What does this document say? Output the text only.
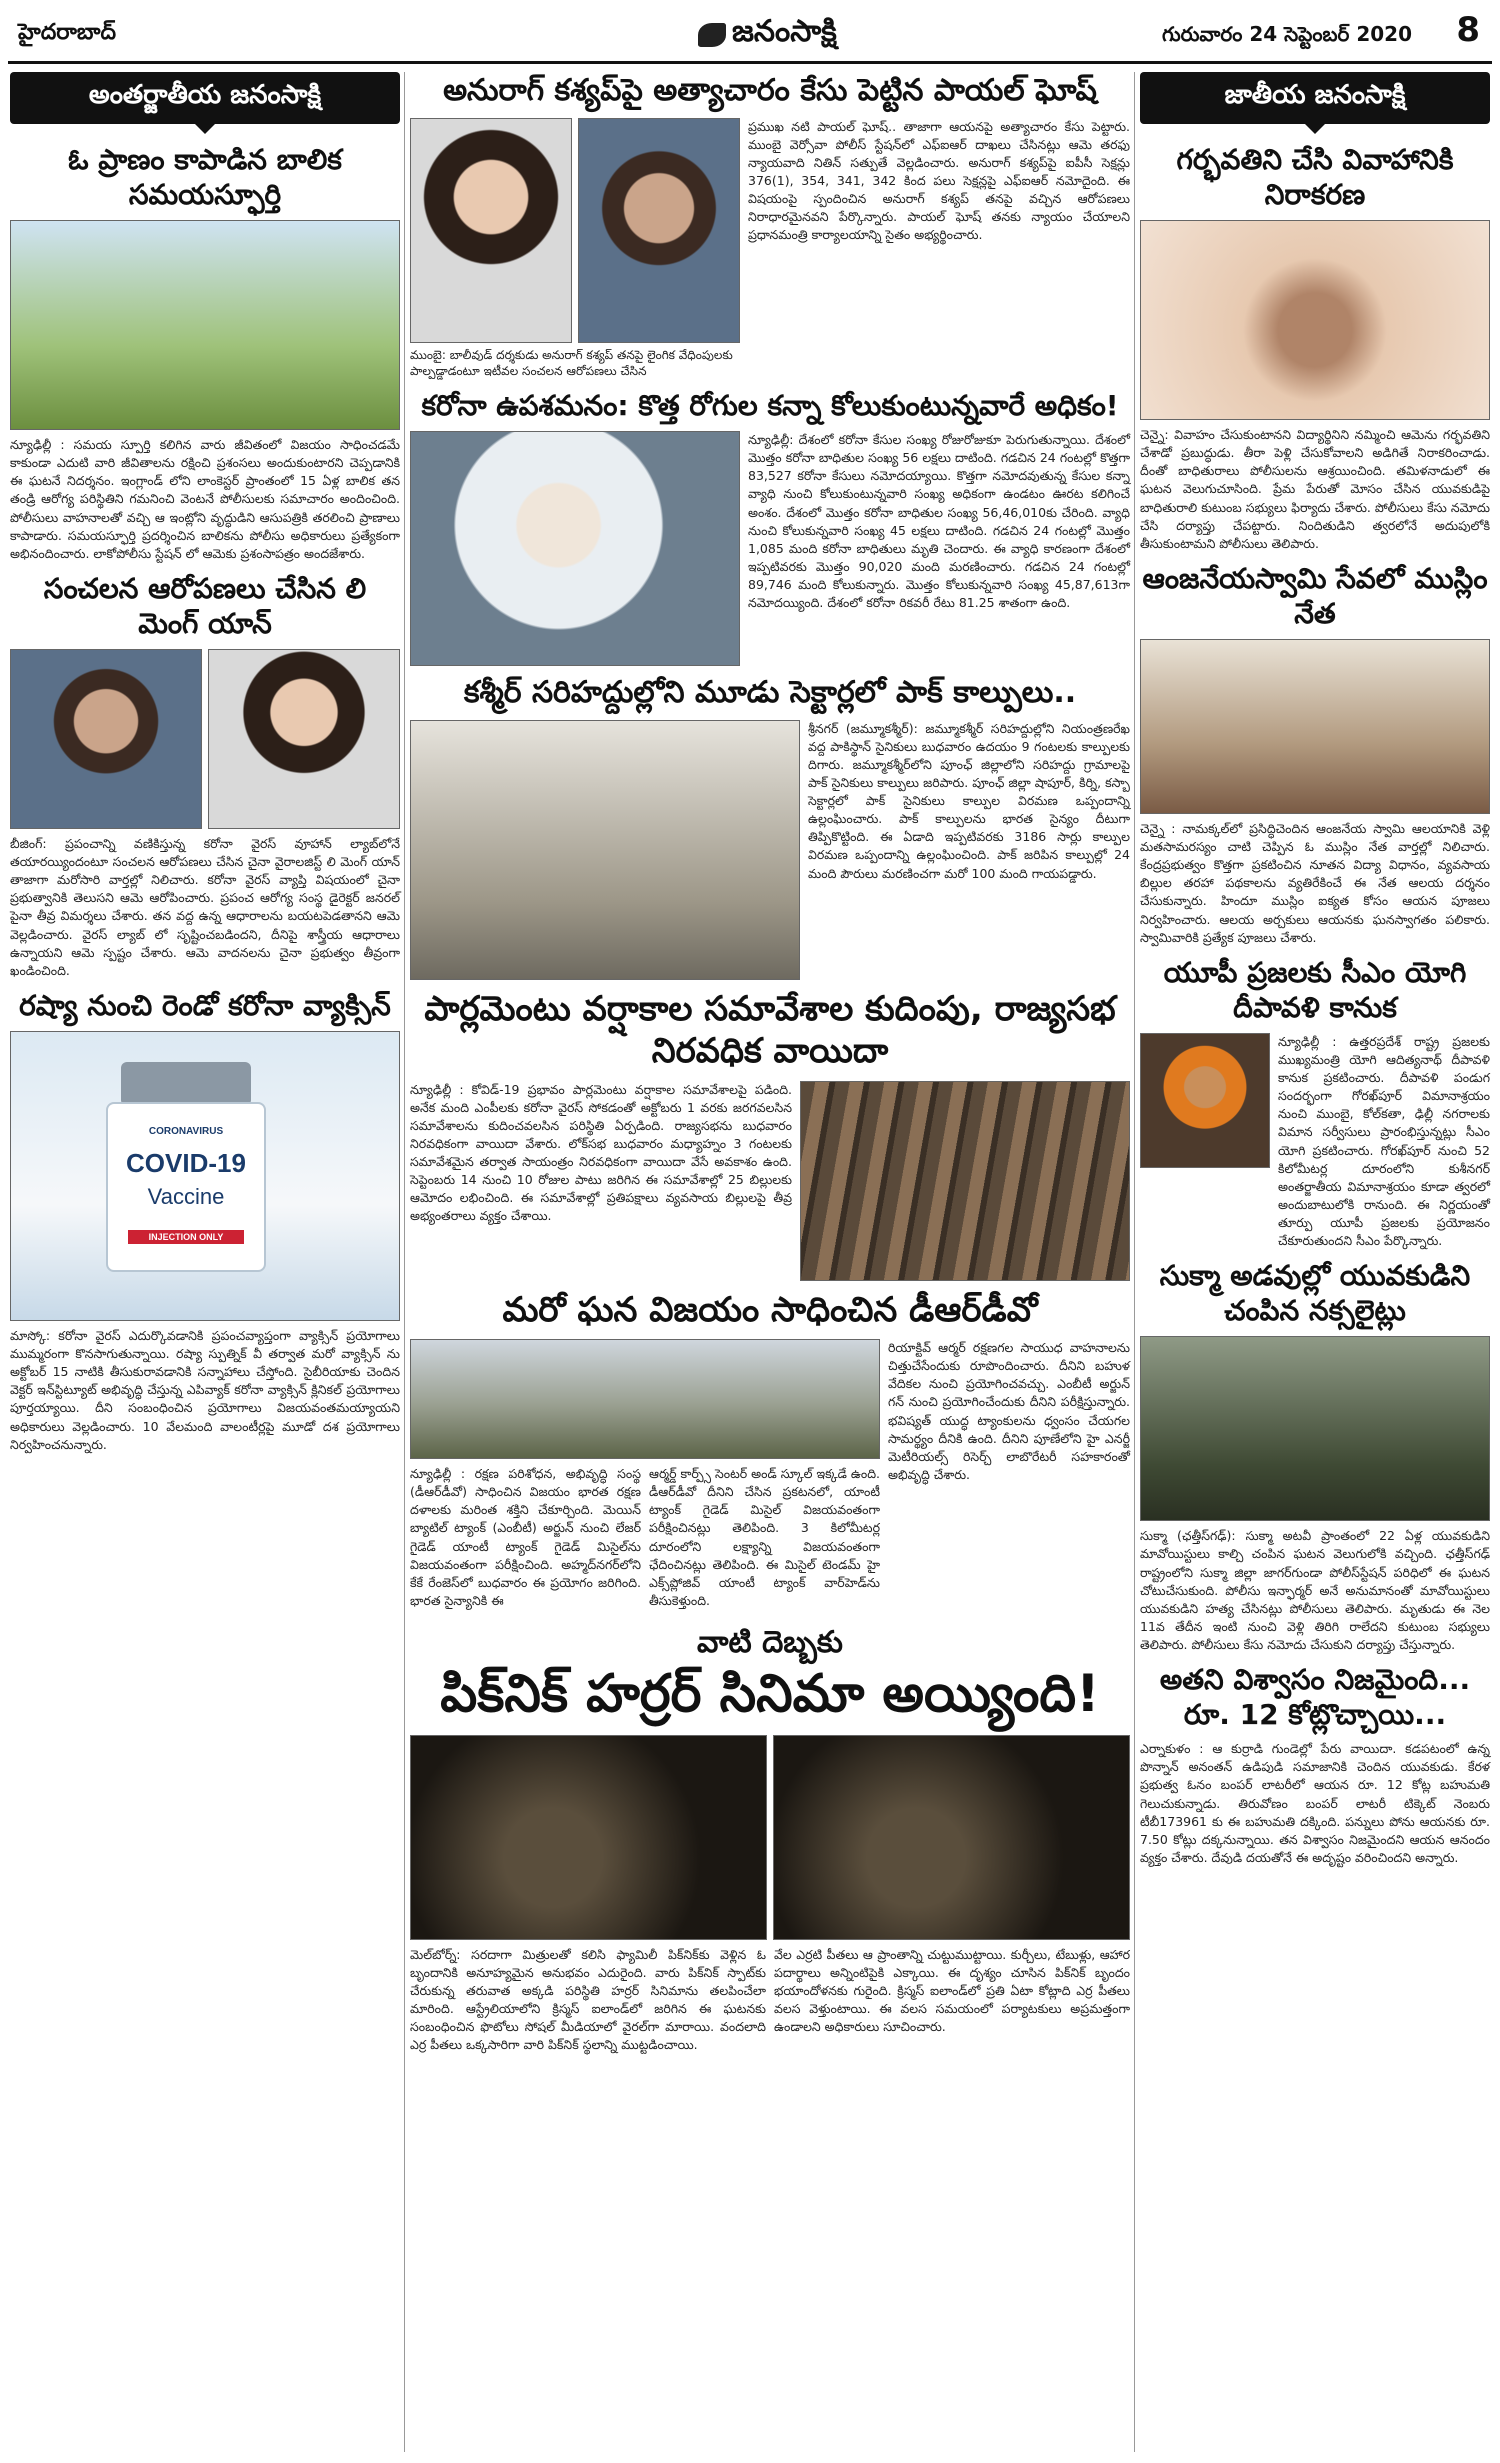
హైదరాబాద్	జనంసాక్షి	గురువారం 24 సెప్టెంబర్ 2020 8
అంతర్జాతీయ జనంసాక్షి
ఓ ప్రాణం కాపాడిన బాలిక సమయస్ఫూర్తి
న్యూఢిల్లీ : సమయ స్పూర్తి కలిగిన వారు జీవితంలో విజయం సాధించడమే కాకుండా ఎదుటి వారి జీవితాలను రక్షించి ప్రశంసలు అందుకుంటారని చెప్పడానికి ఈ ఘటనే నిదర్శనం. ఇంగ్లాండ్ లోని లాంకెస్టర్ ప్రాంతంలో 15 ఏళ్ల బాలిక తన తండ్రి ఆరోగ్య పరిస్థితిని గమనించి వెంటనే పోలీసులకు సమాచారం అందించింది. పోలీసులు వాహనాలతో వచ్చి ఆ ఇంట్లోని వృద్ధుడిని ఆసుపత్రికి తరలించి ప్రాణాలు కాపాడారు. సమయస్ఫూర్తి ప్రదర్శించిన బాలికను పోలీసు అధికారులు ప్రత్యేకంగా అభినందించారు. లాకోపోలీసు స్టేషన్ లో ఆమెకు ప్రశంసాపత్రం అందజేశారు.
సంచలన ఆరోపణలు చేసిన లి మెంగ్ యాన్
బీజింగ్: ప్రపంచాన్ని వణికిస్తున్న కరోనా వైరస్ వూహాన్ ల్యాబ్‌లోనే తయారయ్యిందంటూ సంచలన ఆరోపణలు చేసిన చైనా వైరాలజిస్ట్ లి మెంగ్ యాన్ తాజాగా మరోసారి వార్తల్లో నిలిచారు. కరోనా వైరస్ వ్యాప్తి విషయంలో చైనా ప్రభుత్వానికి తెలుసని ఆమె ఆరోపించారు. ప్రపంచ ఆరోగ్య సంస్థ డైరెక్టర్ జనరల్ పైనా తీవ్ర విమర్శలు చేశారు. తన వద్ద ఉన్న ఆధారాలను బయటపెడతానని ఆమె వెల్లడించారు. వైరస్ ల్యాబ్ లో సృష్టించబడిందని, దీనిపై శాస్త్రీయ ఆధారాలు ఉన్నాయని ఆమె స్పష్టం చేశారు. ఆమె వాదనలను చైనా ప్రభుత్వం తీవ్రంగా ఖండించింది.
రష్యా నుంచి రెండో కరోనా వ్యాక్సిన్
CORONAVIRUS
COVID-19
Vaccine
INJECTION ONLY
మాస్కో: కరోనా వైరస్ ఎదుర్కొవడానికి ప్రపంచవ్యాప్తంగా వ్యాక్సిన్ ప్రయోగాలు ముమ్మరంగా కొనసాగుతున్నాయి. రష్యా స్పుత్నిక్ వీ తర్వాత మరో వ్యాక్సిన్ ను అక్టోబర్ 15 నాటికి తీసుకురావడానికి సన్నాహాలు చేస్తోంది. సైబీరియాకు చెందిన వెక్టర్ ఇన్‌స్టిట్యూట్ అభివృద్ధి చేస్తున్న ఎపివ్యాక్ కరోనా వ్యాక్సిన్ క్లినికల్ ప్రయోగాలు పూర్తయ్యాయి. దీని సంబంధించిన ప్రయోగాలు విజయవంతమయ్యాయని అధికారులు వెల్లడించారు. 10 వేలమంది వాలంటీర్లపై మూడో దశ ప్రయోగాలు నిర్వహించనున్నారు.
అనురాగ్ కశ్యప్‌పై అత్యాచారం కేసు పెట్టిన పాయల్ ఘోష్
ముంబై: బాలీవుడ్ దర్శకుడు అనురాగ్ కశ్యప్ తనపై లైంగిక వేధింపులకు పాల్పడ్డాడంటూ ఇటీవల సంచలన ఆరోపణలు చేసిన
ప్రముఖ నటి పాయల్ ఘోష్.. తాజాగా ఆయనపై అత్యాచారం కేసు పెట్టారు. ముంబై వెర్సోవా పోలీస్ స్టేషన్‌లో ఎఫ్ఐఆర్ దాఖలు చేసినట్లు ఆమె తరఫు న్యాయవాది నితిన్ సత్పుతే వెల్లడించారు. అనురాగ్ కశ్యప్‌పై ఐపీసీ సెక్షన్లు 376(1), 354, 341, 342 కింద పలు సెక్షన్లపై ఎఫ్ఐఆర్ నమోదైంది. ఈ విషయంపై స్పందించిన అనురాగ్ కశ్యప్ తనపై వచ్చిన ఆరోపణలు నిరాధారమైనవని పేర్కొన్నారు. పాయల్ ఘోష్ తనకు న్యాయం చేయాలని ప్రధానమంత్రి కార్యాలయాన్ని సైతం అభ్యర్థించారు.
కరోనా ఉపశమనం: కొత్త రోగుల కన్నా కోలుకుంటున్నవారే అధికం!
న్యూఢిల్లీ: దేశంలో కరోనా కేసుల సంఖ్య రోజురోజుకూ పెరుగుతున్నాయి. దేశంలో మొత్తం కరోనా బాధితుల సంఖ్య 56 లక్షలు దాటింది. గడచిన 24 గంటల్లో కొత్తగా 83,527 కరోనా కేసులు నమోదయ్యాయి. కొత్తగా నమోదవుతున్న కేసుల కన్నా వ్యాధి నుంచి కోలుకుంటున్నవారి సంఖ్య అధికంగా ఉండటం ఊరట కలిగించే అంశం. దేశంలో మొత్తం కరోనా బాధితుల సంఖ్య 56,46,010కు చేరింది. వ్యాధి నుంచి కోలుకున్నవారి సంఖ్య 45 లక్షలు దాటింది. గడచిన 24 గంటల్లో మొత్తం 1,085 మంది కరోనా బాధితులు మృతి చెందారు. ఈ వ్యాధి కారణంగా దేశంలో ఇప్పటివరకు మొత్తం 90,020 మంది మరణించారు. గడచిన 24 గంటల్లో 89,746 మంది కోలుకున్నారు. మొత్తం కోలుకున్నవారి సంఖ్య 45,87,613గా నమోదయ్యింది. దేశంలో కరోనా రికవరీ రేటు 81.25 శాతంగా ఉంది.
కశ్మీర్ సరిహద్దుల్లోని మూడు సెక్టార్లలో పాక్ కాల్పులు..
శ్రీనగర్ (జమ్మూకశ్మీర్): జమ్మూకశ్మీర్ సరిహద్దుల్లోని నియంత్రణరేఖ వద్ద పాకిస్థాన్ సైనికులు బుధవారం ఉదయం 9 గంటలకు కాల్పులకు దిగారు. జమ్మూకశ్మీర్‌లోని పూంఛ్ జిల్లాలోని సరిహద్దు గ్రామాలపై పాక్ సైనికులు కాల్పులు జరిపారు. పూంఛ్ జిల్లా షాపూర్, కిర్ని, కస్బా సెక్టార్లలో పాక్ సైనికులు కాల్పుల విరమణ ఒప్పందాన్ని ఉల్లంఘించారు. పాక్ కాల్పులను భారత సైన్యం దీటుగా తిప్పికొట్టింది. ఈ ఏడాది ఇప్పటివరకు 3186 సార్లు కాల్పుల విరమణ ఒప్పందాన్ని ఉల్లంఘించింది. పాక్ జరిపిన కాల్పుల్లో 24 మంది పౌరులు మరణించగా మరో 100 మంది గాయపడ్డారు.
పార్లమెంటు వర్షాకాల సమావేశాల కుదింపు, రాజ్యసభ నిరవధిక వాయిదా
న్యూఢిల్లీ : కోవిడ్-19 ప్రభావం పార్లమెంటు వర్షాకాల సమావేశాలపై పడింది. అనేక మంది ఎంపీలకు కరోనా వైరస్ సోకడంతో అక్టోబరు 1 వరకు జరగవలసిన సమావేశాలను కుదించవలసిన పరిస్థితి ఏర్పడింది. రాజ్యసభను బుధవారం నిరవధికంగా వాయిదా వేశారు. లోక్‌సభ బుధవారం మధ్యాహ్నం 3 గంటలకు సమావేశమైన తర్వాత సాయంత్రం నిరవధికంగా వాయిదా వేసే అవకాశం ఉంది. సెప్టెంబరు 14 నుంచి 10 రోజుల పాటు జరిగిన ఈ సమావేశాల్లో 25 బిల్లులకు ఆమోదం లభించింది. ఈ సమావేశాల్లో ప్రతిపక్షాలు వ్యవసాయ బిల్లులపై తీవ్ర అభ్యంతరాలు వ్యక్తం చేశాయి.
మరో ఘన విజయం సాధించిన డీఆర్‌డీవో
న్యూఢిల్లీ : రక్షణ పరిశోధన, అభివృద్ధి సంస్థ (డీఆర్‌డీవో) సాధించిన విజయం భారత రక్షణ దళాలకు మరింత శక్తిని చేకూర్చింది. మెయిన్ బ్యాటిల్ ట్యాంక్ (ఎంబీటీ) అర్జున్ నుంచి లేజర్ గైడెడ్ యాంటీ ట్యాంక్ గైడెడ్ మిసైల్‌ను విజయవంతంగా పరీక్షించింది. అహ్మద్‌నగర్‌లోని కేకే రేంజెస్‌లో బుధవారం ఈ ప్రయోగం జరిగింది. భారత సైన్యానికి ఈ
ఆర్మర్డ్ కార్ప్స్ సెంటర్ అండ్ స్కూల్ ఇక్కడే ఉంది. డీఆర్‌డీవో దీనిని చేసిన ప్రకటనలో, యాంటీ ట్యాంక్ గైడెడ్ మిసైల్ విజయవంతంగా పరీక్షించినట్లు తెలిపింది. 3 కిలోమీటర్ల దూరంలోని లక్ష్యాన్ని విజయవంతంగా ఛేదించినట్లు తెలిపింది. ఈ మిసైల్ టెండమ్ హై ఎక్స్‌ప్లోజివ్ యాంటీ ట్యాంక్ వార్‌హెడ్‌ను తీసుకెళ్తుంది.
రియాక్టివ్ ఆర్మర్ రక్షణగల సాయుధ వాహనాలను చిత్తుచేసేందుకు రూపొందించారు. దీనిని బహుళ వేదికల నుంచి ప్రయోగించవచ్చు. ఎంబీటీ అర్జున్ గన్ నుంచి ప్రయోగించేందుకు దీనిని పరీక్షిస్తున్నారు. భవిష్యత్ యుద్ధ ట్యాంకులను ధ్వంసం చేయగల సామర్థ్యం దీనికి ఉంది. దీనిని పూణేలోని హై ఎనర్జీ మెటీరియల్స్ రిసెర్చ్ లాబొరేటరీ సహకారంతో అభివృద్ధి చేశారు.
వాటి దెబ్బకు
పిక్‌నిక్ హర్రర్ సినిమా అయ్యింది!
మెల్‌బోర్న్: సరదాగా మిత్రులతో కలిసి ఫ్యామిలీ పిక్‌నిక్‌కు వెళ్లిన ఓ బృందానికి అనూహ్యమైన అనుభవం ఎదురైంది. వారు పిక్‌నిక్ స్పాట్‌కు చేరుకున్న తరువాత అక్కడి పరిస్థితి హర్రర్ సినిమాను తలపించేలా మారింది. ఆస్ట్రేలియాలోని క్రిస్మస్ ఐలాండ్‌లో జరిగిన ఈ ఘటనకు సంబంధించిన ఫొటోలు సోషల్ మీడియాలో వైరల్‌గా మారాయి. వందలాది ఎర్ర పీతలు ఒక్కసారిగా వారి పిక్‌నిక్ స్థలాన్ని ముట్టడించాయి.
వేల ఎర్రటి పీతలు ఆ ప్రాంతాన్ని చుట్టుముట్టాయి. కుర్చీలు, టేబుళ్లు, ఆహార పదార్థాలు అన్నింటిపైకి ఎక్కాయి. ఈ దృశ్యం చూసిన పిక్‌నిక్ బృందం భయాందోళనకు గురైంది. క్రిస్మస్ ఐలాండ్‌లో ప్రతి ఏటా కోట్లాది ఎర్ర పీతలు వలస వెళ్తుంటాయి. ఈ వలస సమయంలో పర్యాటకులు అప్రమత్తంగా ఉండాలని అధికారులు సూచించారు.
జాతీయ జనంసాక్షి
గర్భవతిని చేసి వివాహానికి నిరాకరణ
చెన్నై: వివాహం చేసుకుంటానని విద్యార్థినిని నమ్మించి ఆమెను గర్భవతిని చేశాడో ప్రబుద్ధుడు. తీరా పెళ్లి చేసుకోవాలని అడిగితే నిరాకరించాడు. దీంతో బాధితురాలు పోలీసులను ఆశ్రయించింది. తమిళనాడులో ఈ ఘటన వెలుగుచూసింది. ప్రేమ పేరుతో మోసం చేసిన యువకుడిపై బాధితురాలి కుటుంబ సభ్యులు ఫిర్యాదు చేశారు. పోలీసులు కేసు నమోదు చేసి దర్యాప్తు చేపట్టారు. నిందితుడిని త్వరలోనే అదుపులోకి తీసుకుంటామని పోలీసులు తెలిపారు.
ఆంజనేయస్వామి సేవలో ముస్లిం నేత
చెన్నై : నామక్కల్‌లో ప్రసిద్ధిచెందిన ఆంజనేయ స్వామి ఆలయానికి వెళ్లి మతసామరస్యం చాటి చెప్పిన ఓ ముస్లిం నేత వార్తల్లో నిలిచారు. కేంద్రప్రభుత్వం కొత్తగా ప్రకటించిన నూతన విద్యా విధానం, వ్యవసాయ బిల్లుల తరహా పథకాలను వ్యతిరేకించే ఈ నేత ఆలయ దర్శనం చేసుకున్నారు. హిందూ ముస్లిం ఐక్యత కోసం ఆయన పూజలు నిర్వహించారు. ఆలయ అర్చకులు ఆయనకు ఘనస్వాగతం పలికారు. స్వామివారికి ప్రత్యేక పూజలు చేశారు.
యూపీ ప్రజలకు సీఎం యోగి దీపావళి కానుక
న్యూఢిల్లీ : ఉత్తరప్రదేశ్ రాష్ట్ర ప్రజలకు ముఖ్యమంత్రి యోగి ఆదిత్యనాథ్ దీపావళి కానుక ప్రకటించారు. దీపావళి పండుగ సందర్భంగా గోరఖ్‌పూర్ విమానాశ్రయం నుంచి ముంబై, కోల్‌కతా, ఢిల్లీ నగరాలకు విమాన సర్వీసులు ప్రారంభిస్తున్నట్లు సీఎం యోగి ప్రకటించారు. గోరఖ్‌పూర్ నుంచి 52 కిలోమీటర్ల దూరంలోని కుశీనగర్ అంతర్జాతీయ విమానాశ్రయం కూడా త్వరలో అందుబాటులోకి రానుంది. ఈ నిర్ణయంతో తూర్పు యూపీ ప్రజలకు ప్రయోజనం చేకూరుతుందని సీఎం పేర్కొన్నారు.
సుక్మా అడవుల్లో యువకుడిని చంపిన నక్సలైట్లు
సుక్మా (ఛత్తీస్‌గఢ్): సుక్మా అటవీ ప్రాంతంలో 22 ఏళ్ల యువకుడిని మావోయిస్టులు కాల్చి చంపిన ఘటన వెలుగులోకి వచ్చింది. ఛత్తీస్‌గఢ్ రాష్ట్రంలోని సుక్మా జిల్లా జాగర్‌గుండా పోలీస్‌స్టేషన్ పరిధిలో ఈ ఘటన చోటుచేసుకుంది. పోలీసు ఇన్ఫార్మర్ అనే అనుమానంతో మావోయిస్టులు యువకుడిని హత్య చేసినట్లు పోలీసులు తెలిపారు. మృతుడు ఈ నెల 11వ తేదీన ఇంటి నుంచి వెళ్లి తిరిగి రాలేదని కుటుంబ సభ్యులు తెలిపారు. పోలీసులు కేసు నమోదు చేసుకుని దర్యాప్తు చేస్తున్నారు.
అతని విశ్వాసం నిజమైంది...
రూ. 12 కోట్లొచ్చాయి...
ఎర్నాకుళం : ఆ కుర్రాడి గుండెల్లో పేరు వాయిదా. కడపటంలో ఉన్న పొన్నాన్ అనంతన్ ఉడిపుడి సమాజానికి చెందిన యువకుడు. కేరళ ప్రభుత్వ ఓనం బంపర్ లాటరీలో ఆయన రూ. 12 కోట్ల బహుమతి గెలుచుకున్నాడు. తిరువోణం బంపర్ లాటరీ టిక్కెట్ నెంబరు టీబీ173961 కు ఈ బహుమతి దక్కింది. పన్నులు పోను ఆయనకు రూ. 7.50 కోట్లు దక్కనున్నాయి. తన విశ్వాసం నిజమైందని ఆయన ఆనందం వ్యక్తం చేశారు. దేవుడి దయతోనే ఈ అదృష్టం వరించిందని అన్నారు.
